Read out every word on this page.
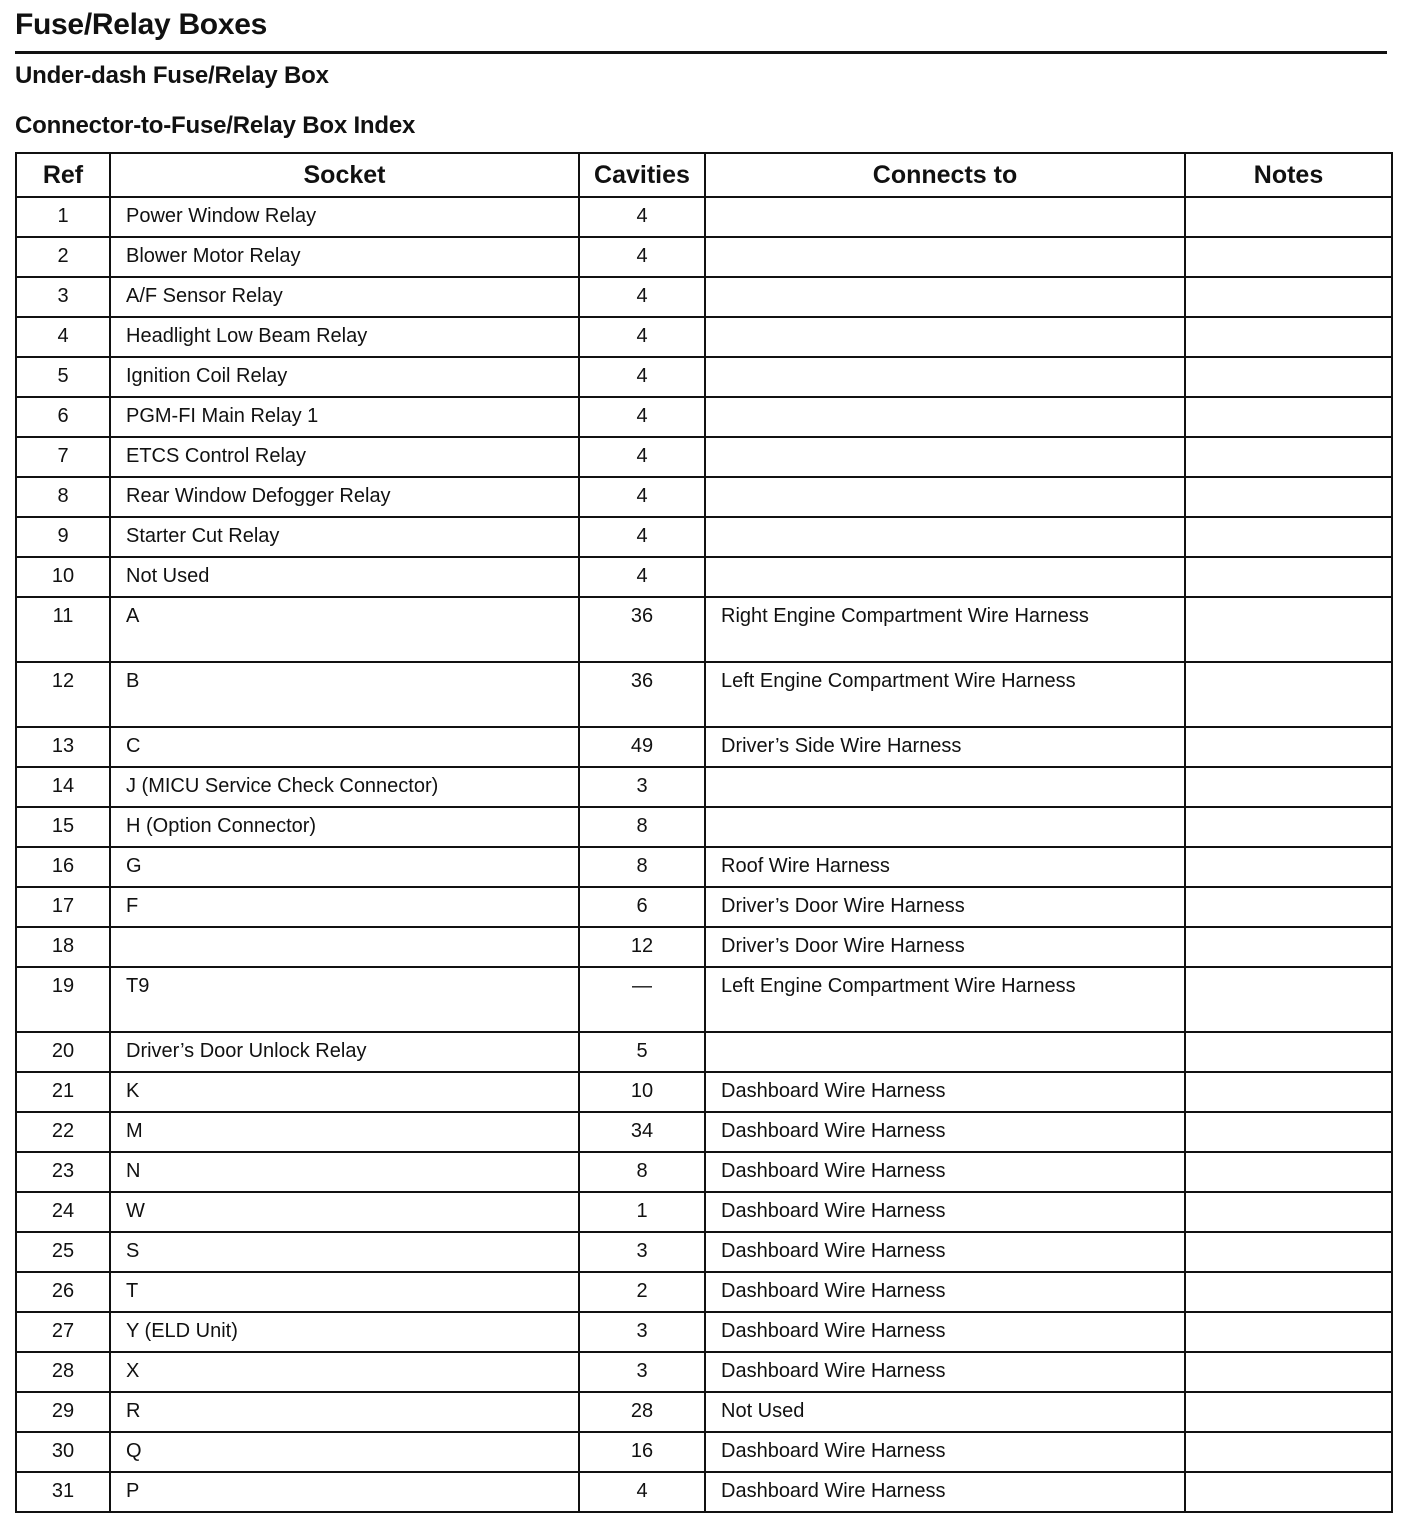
Fuse/Relay Boxes
Under-dash Fuse/Relay Box
Connector-to-Fuse/Relay Box Index
Ref	Socket	Cavities	Connects to	Notes
1	Power Window Relay	4		
2	Blower Motor Relay	4		
3	A/F Sensor Relay	4		
4	Headlight Low Beam Relay	4		
5	Ignition Coil Relay	4		
6	PGM-FI Main Relay 1	4		
7	ETCS Control Relay	4		
8	Rear Window Defogger Relay	4		
9	Starter Cut Relay	4		
10	Not Used	4		
11	A	36	Right Engine Compartment Wire Harness	
12	B	36	Left Engine Compartment Wire Harness	
13	C	49	Driver’s Side Wire Harness	
14	J (MICU Service Check Connector)	3		
15	H (Option Connector)	8		
16	G	8	Roof Wire Harness	
17	F	6	Driver’s Door Wire Harness	
18		12	Driver’s Door Wire Harness	
19	T9	—	Left Engine Compartment Wire Harness	
20	Driver’s Door Unlock Relay	5		
21	K	10	Dashboard Wire Harness	
22	M	34	Dashboard Wire Harness	
23	N	8	Dashboard Wire Harness	
24	W	1	Dashboard Wire Harness	
25	S	3	Dashboard Wire Harness	
26	T	2	Dashboard Wire Harness	
27	Y (ELD Unit)	3	Dashboard Wire Harness	
28	X	3	Dashboard Wire Harness	
29	R	28	Not Used	
30	Q	16	Dashboard Wire Harness	
31	P	4	Dashboard Wire Harness	
